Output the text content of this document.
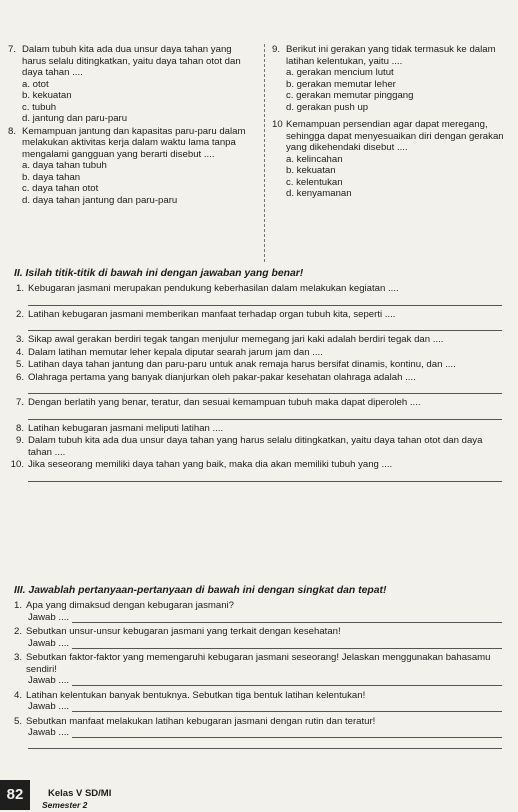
7. Dalam tubuh kita ada dua unsur daya tahan yang harus selalu ditingkatkan, yaitu daya tahan otot dan daya tahan ....
a. otot
b. kekuatan
c. tubuh
d. jantung dan paru-paru
8. Kemampuan jantung dan kapasitas paru-paru dalam melakukan aktivitas kerja dalam waktu lama tanpa mengalami gangguan yang berarti disebut ....
a. daya tahan tubuh
b. daya tahan
c. daya tahan otot
d. daya tahan jantung dan paru-paru
9. Berikut ini gerakan yang tidak termasuk ke dalam latihan kelentukan, yaitu ....
a. gerakan mencium lutut
b. gerakan memutar leher
c. gerakan memutar pinggang
d. gerakan push up
10 Kemampuan persendian agar dapat meregang, sehingga dapat menyesuaikan diri dengan gerakan yang dikehendaki disebut ....
a. kelincahan
b. kekuatan
c. kelentukan
d. kenyamanan
II. Isilah titik-titik di bawah ini dengan jawaban yang benar!
1. Kebugaran jasmani merupakan pendukung keberhasilan dalam melakukan kegiatan ....
2. Latihan kebugaran jasmani memberikan manfaat terhadap organ tubuh kita, seperti ....
3. Sikap awal gerakan berdiri tegak tangan menjulur memegang jari kaki adalah berdiri tegak dan ....
4. Dalam latihan memutar leher kepala diputar searah jarum jam dan ....
5. Latihan daya tahan jantung dan paru-paru untuk anak remaja harus bersifat dinamis, kontinu, dan ....
6. Olahraga pertama yang banyak dianjurkan oleh pakar-pakar kesehatan olahraga adalah ....
7. Dengan berlatih yang benar, teratur, dan sesuai kemampuan tubuh maka dapat diperoleh ....
8. Latihan kebugaran jasmani meliputi latihan ....
9. Dalam tubuh kita ada dua unsur daya tahan yang harus selalu ditingkatkan, yaitu daya tahan otot dan daya tahan ....
10. Jika seseorang memiliki daya tahan yang baik, maka dia akan memiliki tubuh yang ....
III. Jawablah pertanyaan-pertanyaan di bawah ini dengan singkat dan tepat!
1. Apa yang dimaksud dengan kebugaran jasmani?
Jawab ....
2. Sebutkan unsur-unsur kebugaran jasmani yang terkait dengan kesehatan!
Jawab ....
3. Sebutkan faktor-faktor yang memengaruhi kebugaran jasmani seseorang! Jelaskan menggunakan bahasamu sendiri!
Jawab ....
4. Latihan kelentukan banyak bentuknya. Sebutkan tiga bentuk latihan kelentukan!
Jawab ....
5. Sebutkan manfaat melakukan latihan kebugaran jasmani dengan rutin dan teratur!
Jawab ....
82	Kelas V SD/MI
Semester 2
